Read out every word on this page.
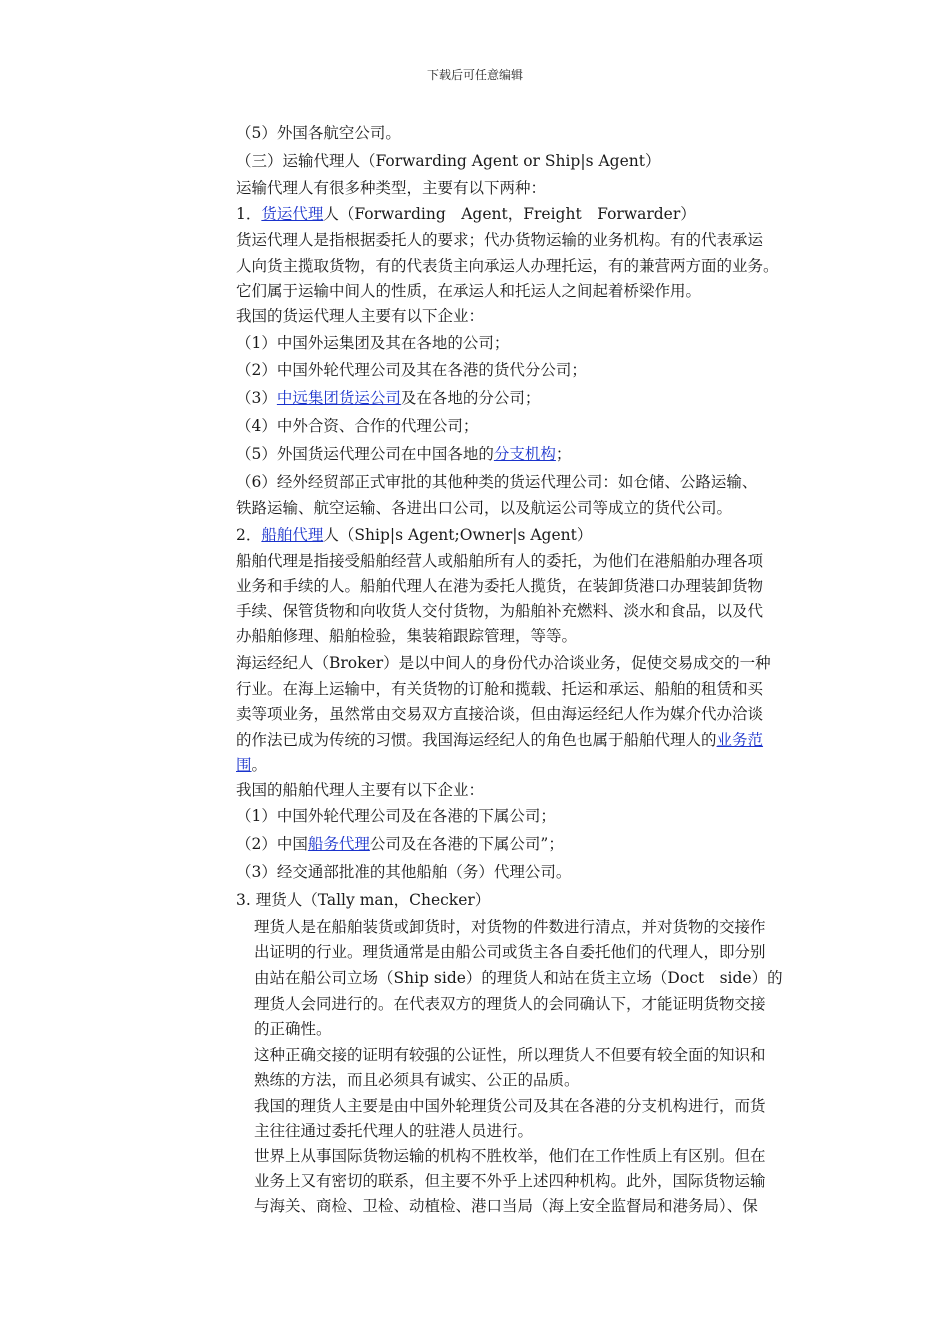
下载后可任意编辑
（5）外国各航空公司。
（三）运输代理人（Forwarding Agent or Ship|s Agent）
运输代理人有很多种类型，主要有以下两种：
1．货运代理人（Forwarding　Agent，Freight　Forwarder）
货运代理人是指根据委托人的要求；代办货物运输的业务机构。有的代表承运
人向货主揽取货物，有的代表货主向承运人办理托运，有的兼营两方面的业务。
它们属于运输中间人的性质，在承运人和托运人之间起着桥梁作用。
我国的货运代理人主要有以下企业：
（1）中国外运集团及其在各地的公司；
（2）中国外轮代理公司及其在各港的货代分公司；
（3）中远集团货运公司及在各地的分公司；
（4）中外合资、合作的代理公司；
（5）外国货运代理公司在中国各地的分支机构；
（6）经外经贸部正式审批的其他种类的货运代理公司：如仓储、公路运输、
铁路运输、航空运输、各进出口公司，以及航运公司等成立的货代公司。
2．船舶代理人（Ship|s Agent;Owner|s Agent）
船舶代理是指接受船舶经营人或船舶所有人的委托，为他们在港船舶办理各项
业务和手续的人。船舶代理人在港为委托人揽货，在装卸货港口办理装卸货物
手续、保管货物和向收货人交付货物，为船舶补充燃料、淡水和食品，以及代
办船舶修理、船舶检验，集装箱跟踪管理，等等。
海运经纪人（Broker）是以中间人的身份代办洽谈业务，促使交易成交的一种
行业。在海上运输中，有关货物的订舱和揽载、托运和承运、船舶的租赁和买
卖等项业务，虽然常由交易双方直接洽谈，但由海运经纪人作为媒介代办洽谈
的作法已成为传统的习惯。我国海运经纪人的角色也属于船舶代理人的业务范
围。
我国的船舶代理人主要有以下企业：
（1）中国外轮代理公司及在各港的下属公司；
（2）中国船务代理公司及在各港的下属公司”；
（3）经交通部批准的其他船舶（务）代理公司。
3. 理货人（Tally man，Checker）
理货人是在船舶装货或卸货时，对货物的件数进行清点，并对货物的交接作
出证明的行业。理货通常是由船公司或货主各自委托他们的代理人，即分别
由站在船公司立场（Ship side）的理货人和站在货主立场（Doct　side）的
理货人会同进行的。在代表双方的理货人的会同确认下，才能证明货物交接
的正确性。
这种正确交接的证明有较强的公证性，所以理货人不但要有较全面的知识和
熟练的方法，而且必须具有诚实、公正的品质。
我国的理货人主要是由中国外轮理货公司及其在各港的分支机构进行，而货
主往往通过委托代理人的驻港人员进行。
世界上从事国际货物运输的机构不胜枚举，他们在工作性质上有区别。但在
业务上又有密切的联系，但主要不外乎上述四种机构。此外，国际货物运输
与海关、商检、卫检、动植检、港口当局（海上安全监督局和港务局）、保
